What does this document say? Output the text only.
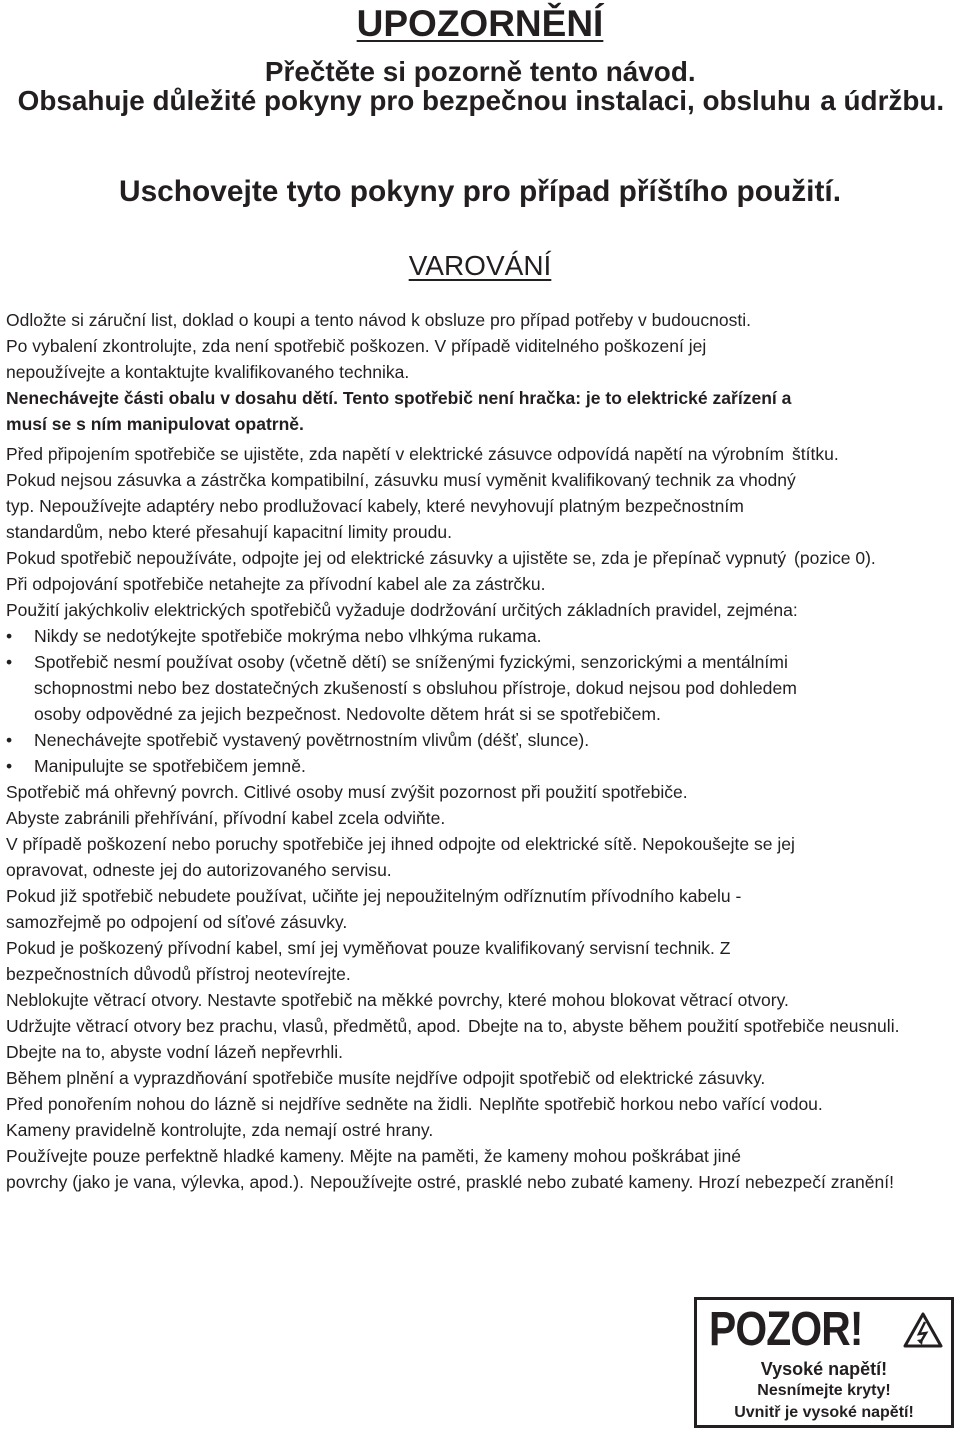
UPOZORNĚNÍ
Přečtěte si pozorně tento návod. Obsahuje důležité pokyny pro bezpečnou instalaci, obsluhu a údržbu.
Uschovejte tyto pokyny pro případ příštího použití.
VAROVÁNÍ
Odložte si záruční list, doklad o koupi a tento návod k obsluze pro případ potřeby v budoucnosti. Po vybalení zkontrolujte, zda není spotřebič poškozen. V případě viditelného poškození jej nepoužívejte a kontaktujte kvalifikovaného technika. Nenechávejte části obalu v dosahu dětí. Tento spotřebič není hračka: je to elektrické zařízení a musí se s ním manipulovat opatrně.
Před připojením spotřebiče se ujistěte, zda napětí v elektrické zásuvce odpovídá napětí na výrobním štítku. Pokud nejsou zásuvka a zástrčka kompatibilní, zásuvku musí vyměnit kvalifikovaný technik za vhodný typ. Nepoužívejte adaptéry nebo prodlužovací kabely, které nevyhovují platným bezpečnostním standardům, nebo které přesahují kapacitní limity proudu. Pokud spotřebič nepoužíváte, odpojte jej od elektrické zásuvky a ujistěte se, zda je přepínač vypnutý (pozice 0). Při odpojování spotřebiče netahejte za přívodní kabel ale za zástrčku. Použití jakýchkoliv elektrických spotřebičů vyžaduje dodržování určitých základních pravidel, zejména:
• Nikdy se nedotýkejte spotřebiče mokrýma nebo vlhkýma rukama.
• Spotřebič nesmí používat osoby (včetně dětí) se sníženými fyzickými, senzorickými a mentálními
schopnostmi nebo bez dostatečných zkušeností s obsluhou přístroje, dokud nejsou pod dohledem
osoby odpovědné za jejich bezpečnost. Nedovolte dětem hrát si se spotřebičem.
• Nenechávejte spotřebič vystavený povětrnostním vlivům (déšť, slunce).
• Manipulujte se spotřebičem jemně.
Spotřebič má ohřevný povrch. Citlivé osoby musí zvýšit pozornost při použití spotřebiče. Abyste zabránili přehřívání, přívodní kabel zcela odviňte. V případě poškození nebo poruchy spotřebiče jej ihned odpojte od elektrické sítě. Nepokoušejte se jej opravovat, odneste jej do autorizovaného servisu. Pokud již spotřebič nebudete používat, učiňte jej nepoužitelným odříznutím přívodního kabelu - samozřejmě po odpojení od síťové zásuvky. Pokud je poškozený přívodní kabel, smí jej vyměňovat pouze kvalifikovaný servisní technik. Z bezpečnostních důvodů přístroj neotevírejte. Neblokujte větrací otvory. Nestavte spotřebič na měkké povrchy, které mohou blokovat větrací otvory. Udržujte větrací otvory bez prachu, vlasů, předmětů, apod. Dbejte na to, abyste během použití spotřebiče neusnuli. Dbejte na to, abyste vodní lázeň nepřevrhli. Během plnění a vyprazdňování spotřebiče musíte nejdříve odpojit spotřebič od elektrické zásuvky. Před ponořením nohou do lázně si nejdříve sedněte na židli. Neplňte spotřebič horkou nebo vařící vodou. Kameny pravidelně kontrolujte, zda nemají ostré hrany. Používejte pouze perfektně hladké kameny. Mějte na paměti, že kameny mohou poškrábat jiné povrchy (jako je vana, výlevka, apod.). Nepoužívejte ostré, prasklé nebo zubaté kameny. Hrozí nebezpečí zranění!
POZOR!
Vysoké napětí!
Nesnímejte kryty!
Uvnitř je vysoké napětí!
